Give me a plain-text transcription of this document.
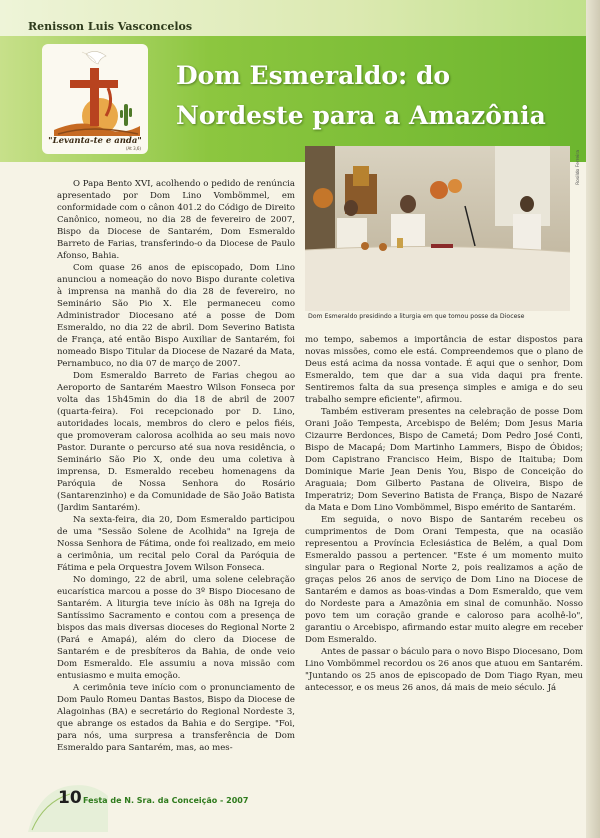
Renisson Luis Vasconcelos
"Levanta-te e anda"
(At 3,6)
Dom Esmeraldo: do
Nordeste para a Amazônia
Rosildo Ferreira
Dom Esmeraldo presidindo a liturgia em que tomou posse da Diocese

O Papa Bento XVI, acolhendo o pedido de renúncia apresentado por Dom Lino Vombömmel, em conformidade com o cânon 401.2 do Código de Direito Canônico, nomeou, no dia 28 de fevereiro de 2007, Bispo da Diocese de Santarém, Dom Esmeraldo Barreto de Farias, transferindo-o da Diocese de Paulo Afonso, Bahia.

Com quase 26 anos de episcopado, Dom Lino anunciou a nomeação do novo Bispo durante coletiva à imprensa na manhã do dia 28 de fevereiro, no Seminário São Pio X. Ele permaneceu como Administrador Diocesano até a posse de Dom Esmeraldo, no dia 22 de abril. Dom Severino Batista de França, até então Bispo Auxiliar de Santarém, foi nomeado Bispo Titular da Diocese de Nazaré da Mata, Pernambuco, no dia 07 de março de 2007.

Dom Esmeraldo Barreto de Farias chegou ao Aeroporto de Santarém Maestro Wilson Fonseca por volta das 15h45min do dia 18 de abril de 2007 (quarta-feira). Foi recepcionado por D. Lino, autoridades locais, membros do clero e pelos fiéis, que promoveram calorosa acolhida ao seu mais novo Pastor. Durante o percurso até sua nova residência, o Seminário São Pio X, onde deu uma coletiva à imprensa, D. Esmeraldo recebeu homenagens da Paróquia de Nossa Senhora do Rosário (Santarenzinho) e da Comunidade de São João Batista (Jardim Santarém).

Na sexta-feira, dia 20, Dom Esmeraldo participou de uma "Sessão Solene de Acolhida" na Igreja de Nossa Senhora de Fátima, onde foi realizado, em meio a cerimônia, um recital pelo Coral da Paróquia de Fátima e pela Orquestra Jovem Wilson Fonseca.

No domingo, 22 de abril, uma solene celebração eucarística marcou a posse do 3º Bispo Diocesano de Santarém. A liturgia teve início às 08h na Igreja do Santíssimo Sacramento e contou com a presença de bispos das mais diversas dioceses do Regional Norte 2 (Pará e Amapá), além do clero da Diocese de Santarém e de presbíteros da Bahia, de onde veio Dom Esmeraldo. Ele assumiu a nova missão com entusiasmo e muita emoção.

A cerimônia teve início com o pronunciamento de Dom Paulo Romeu Dantas Bastos, Bispo da Diocese de Alagoinhas (BA) e secretário do Regional Nordeste 3, que abrange os estados da Bahia e do Sergipe. "Foi, para nós, uma surpresa a transferência de Dom Esmeraldo para Santarém, mas, ao mes-

mo tempo, sabemos a importância de estar dispostos para novas missões, como ele está. Compreendemos que o plano de Deus está acima da nossa vontade. É aqui que o senhor, Dom Esmeraldo, tem que dar a sua vida daqui pra frente. Sentiremos falta da sua presença simples e amiga e do seu trabalho sempre eficiente", afirmou.

Também estiveram presentes na celebração de posse Dom Orani João Tempesta, Arcebispo de Belém; Dom Jesus Maria Cizaurre Berdonces, Bispo de Cametá; Dom Pedro José Conti, Bispo de Macapá; Dom Martinho Lammers, Bispo de Óbidos; Dom Capistrano Francisco Heim, Bispo de Itaituba; Dom Dominique Marie Jean Denis You, Bispo de Conceição do Araguaia; Dom Gilberto Pastana de Oliveira, Bispo de Imperatriz; Dom Severino Batista de França, Bispo de Nazaré da Mata e Dom Lino Vombömmel, Bispo emérito de Santarém.

Em seguida, o novo Bispo de Santarém recebeu os cumprimentos de Dom Orani Tempesta, que na ocasião representou a Província Eclesiástica de Belém, a qual Dom Esmeraldo passou a pertencer. "Este é um momento muito singular para o Regional Norte 2, pois realizamos a ação de graças pelos 26 anos de serviço de Dom Lino na Diocese de Santarém e damos as boas-vindas a Dom Esmeraldo, que vem do Nordeste para a Amazônia em sinal de comunhão. Nosso povo tem um coração grande e caloroso para acolhê-lo", garantiu o Arcebispo, afirmando estar muito alegre em receber Dom Esmeraldo.

Antes de passar o báculo para o novo Bispo Diocesano, Dom Lino Vombömmel recordou os 26 anos que atuou em Santarém. "Juntando os 25 anos de episcopado de Dom Tiago Ryan, meu antecessor, e os meus 26 anos, dá mais de meio século. Já

10 Festa de N. Sra. da Conceição - 2007
